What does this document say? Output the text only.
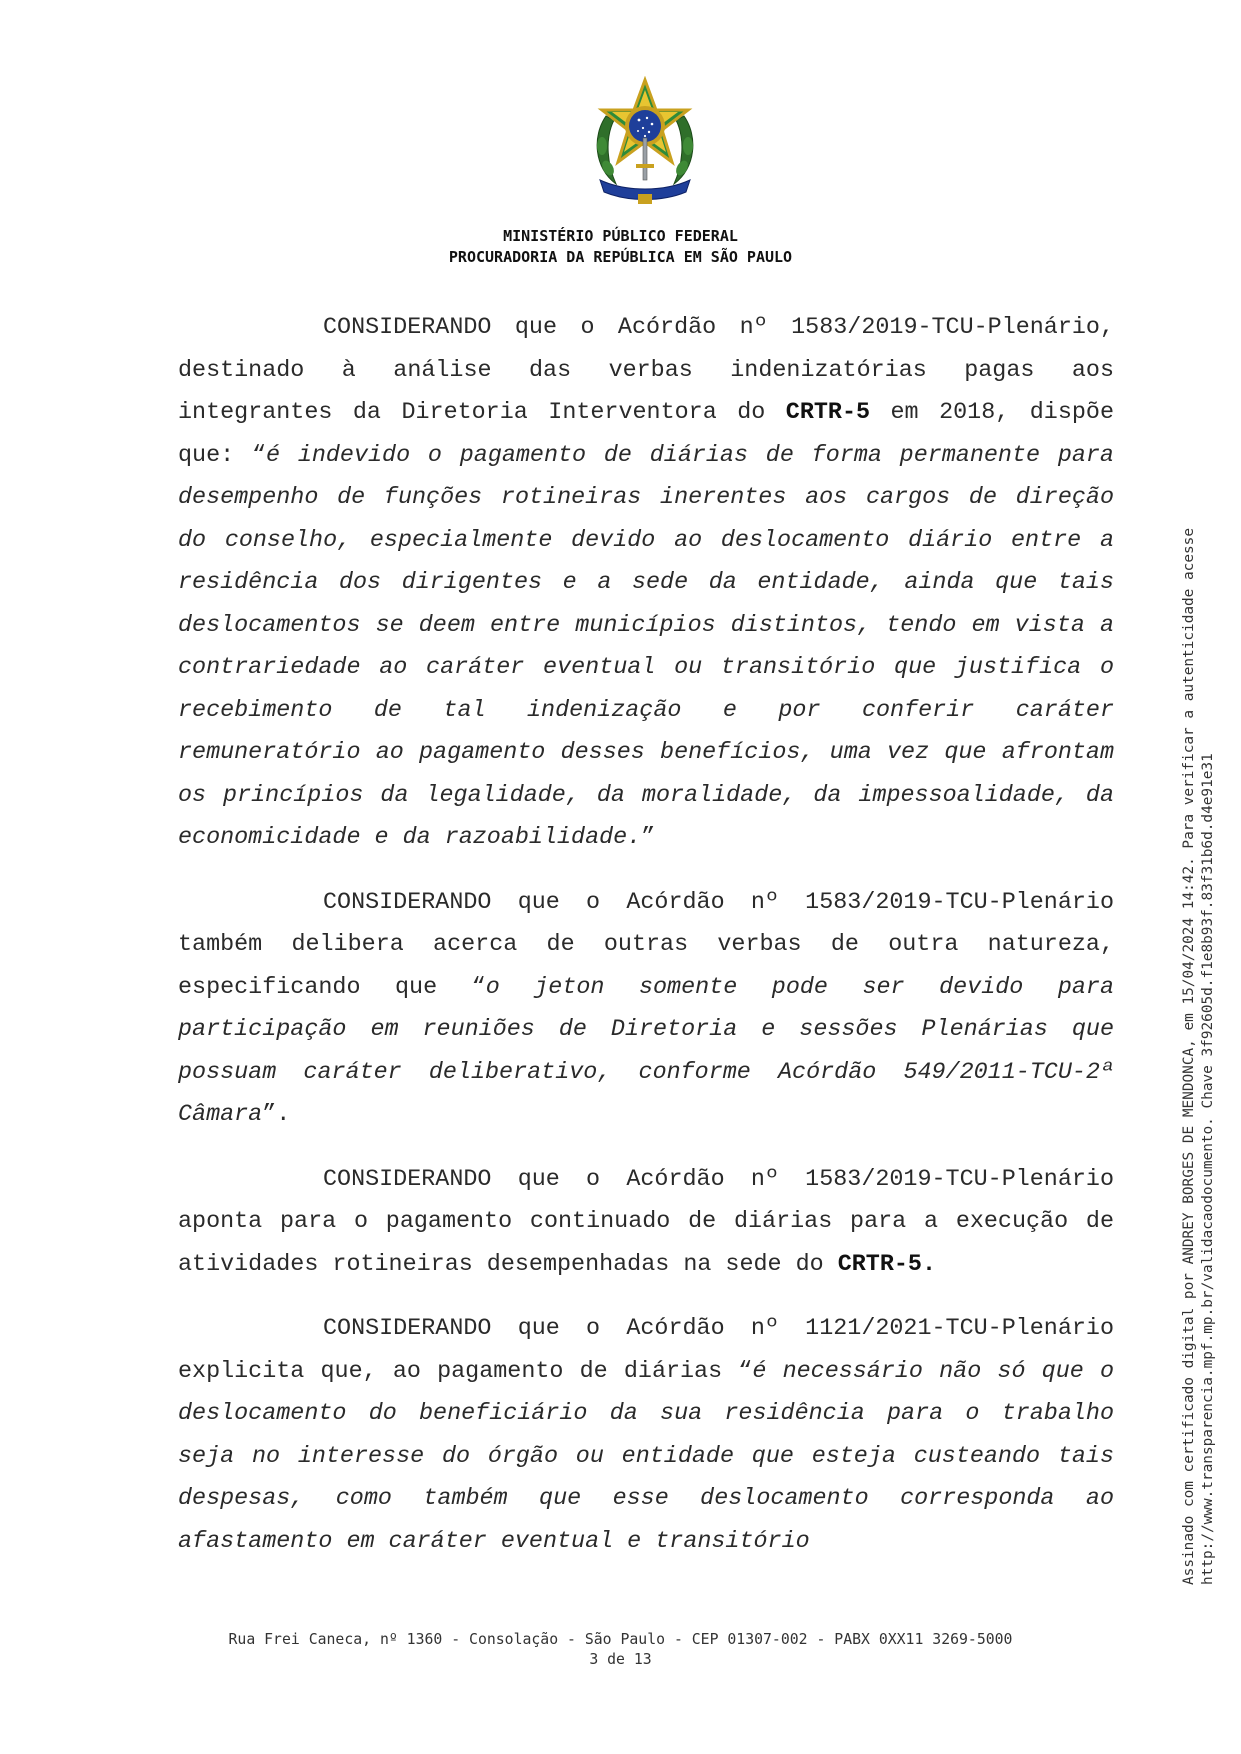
MINISTÉRIO PÚBLICO FEDERAL
PROCURADORIA DA REPÚBLICA EM SÃO PAULO

CONSIDERANDO que o Acórdão nº 1583/2019-TCU-Plenário, destinado à análise das verbas indenizatórias pagas aos integrantes da Diretoria Interventora do CRTR-5 em 2018, dispõe que: “é indevido o pagamento de diárias de forma permanente para desempenho de funções rotineiras inerentes aos cargos de direção do conselho, especialmente devido ao deslocamento diário entre a residência dos dirigentes e a sede da entidade, ainda que tais deslocamentos se deem entre municípios distintos, tendo em vista a contrariedade ao caráter eventual ou transitório que justifica o recebimento de tal indenização e por conferir caráter remuneratório ao pagamento desses benefícios, uma vez que afrontam os princípios da legalidade, da moralidade, da impessoalidade, da economicidade e da razoabilidade.”

CONSIDERANDO que o Acórdão nº 1583/2019-TCU-Plenário também delibera acerca de outras verbas de outra natureza, especificando que “o jeton somente pode ser devido para participação em reuniões de Diretoria e sessões Plenárias que possuam caráter deliberativo, conforme Acórdão 549/2011-TCU-2ª Câmara”.

CONSIDERANDO que o Acórdão nº 1583/2019-TCU-Plenário aponta para o pagamento continuado de diárias para a execução de atividades rotineiras desempenhadas na sede do CRTR-5.

CONSIDERANDO que o Acórdão nº 1121/2021-TCU-Plenário explicita que, ao pagamento de diárias “é necessário não só que o deslocamento do beneficiário da sua residência para o trabalho seja no interesse do órgão ou entidade que esteja custeando tais despesas, como também que esse deslocamento corresponda ao afastamento em caráter eventual e transitório	Assinado com certificado digital por ANDREY BORGES DE MENDONCA, em 15/04/2024 14:42. Para verificar a autenticidade acesse http://www.transparencia.mpf.mp.br/validacaodocumento. Chave 3f92605d.f1e8b93f.83f31b6d.d4e91e31
Rua Frei Caneca, nº 1360 - Consolação - São Paulo - CEP 01307-002 - PABX 0XX11 3269-5000
3 de 13
